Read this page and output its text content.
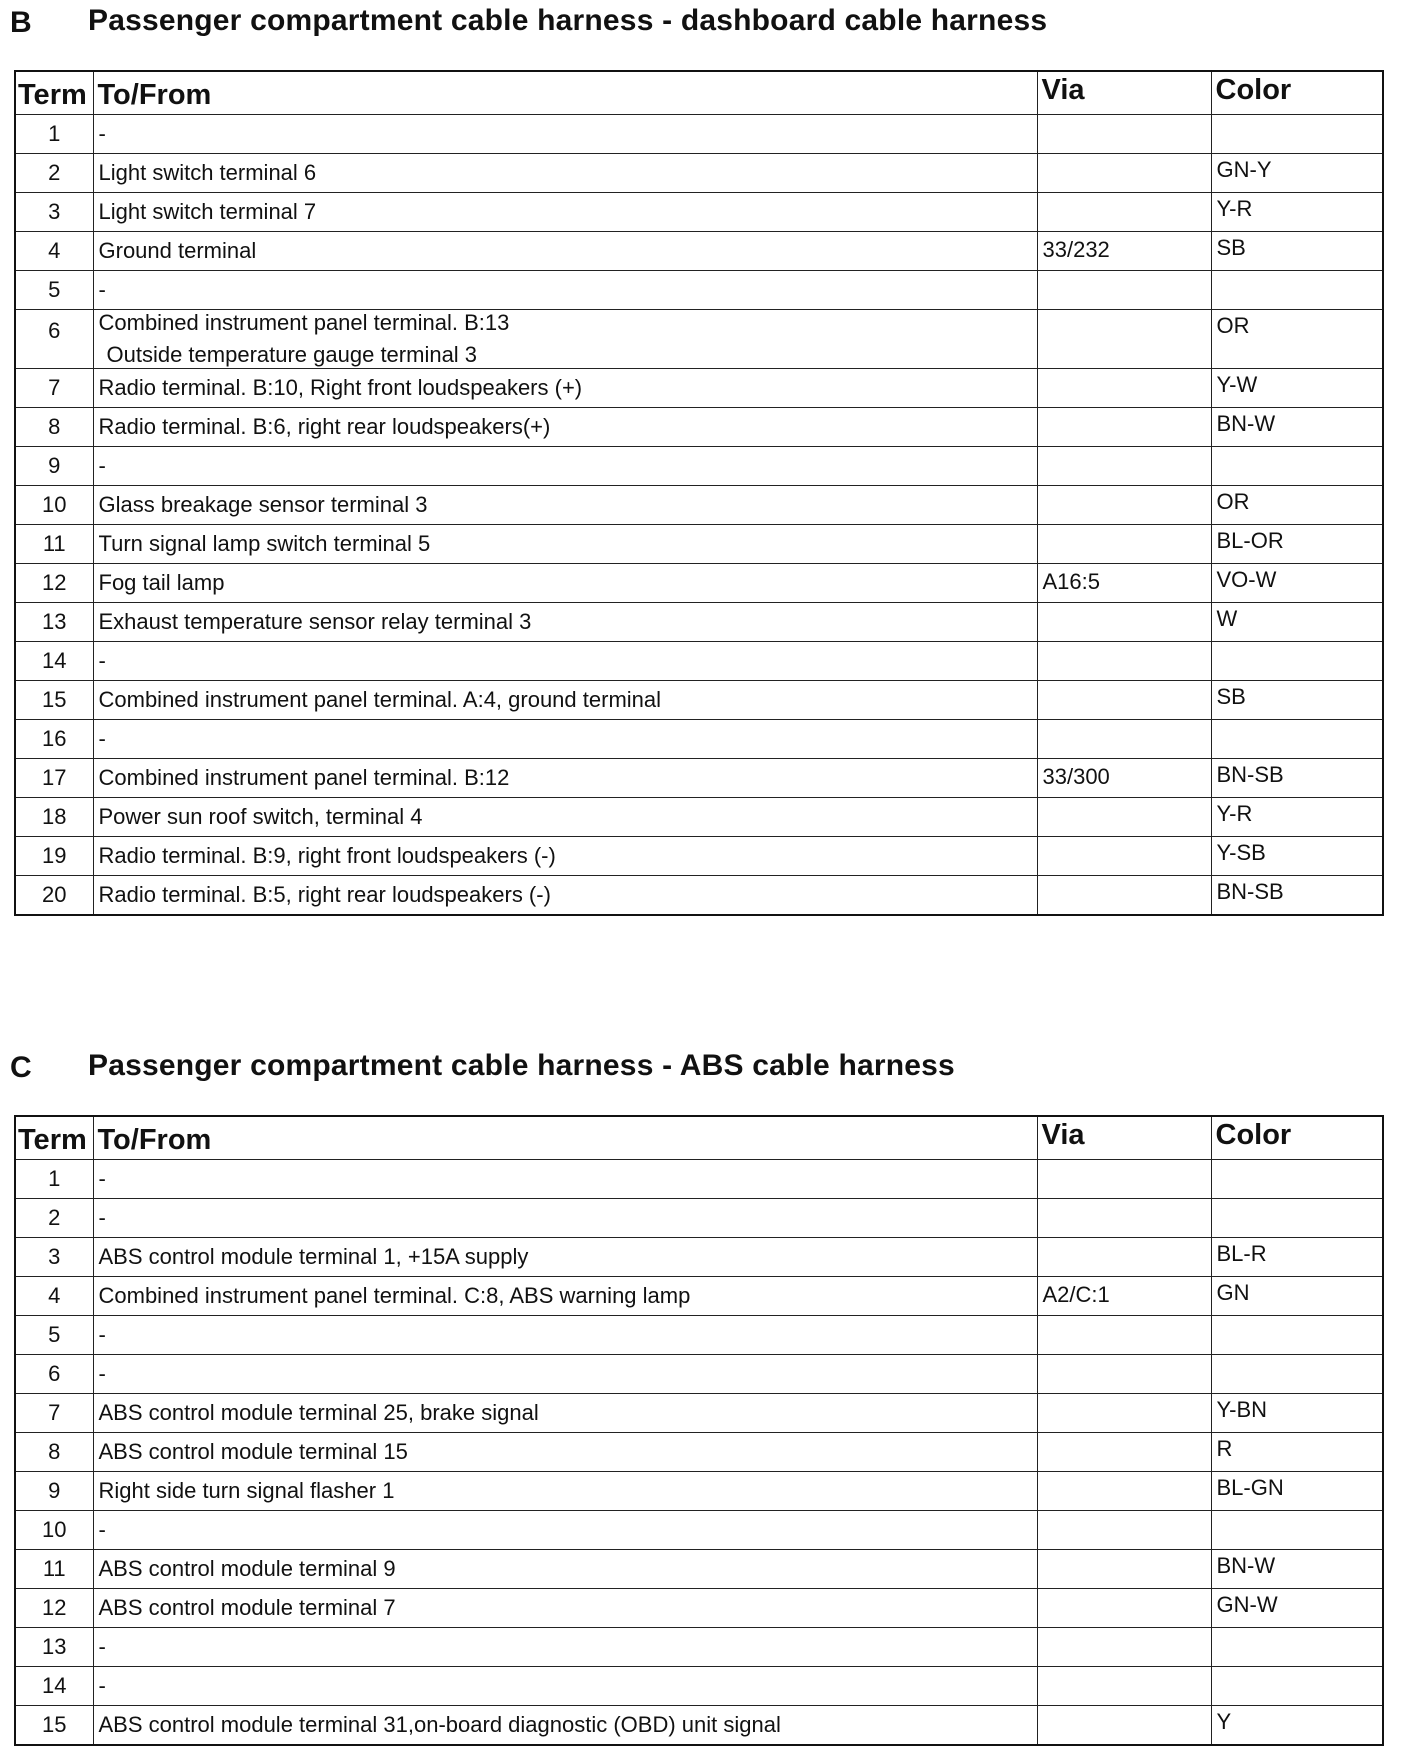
B Passenger compartment cable harness - dashboard cable harness
Term	To/From	Via	Color
1	-		
2	Light switch terminal 6		GN-Y
3	Light switch terminal 7		Y-R
4	Ground terminal	33/232	SB
5	-		
6	Combined instrument panel terminal. B:13
Outside temperature gauge terminal 3		OR
7	Radio terminal. B:10, Right front loudspeakers (+)		Y-W
8	Radio terminal. B:6, right rear loudspeakers(+)		BN-W
9	-		
10	Glass breakage sensor terminal 3		OR
11	Turn signal lamp switch terminal 5		BL-OR
12	Fog tail lamp	A16:5	VO-W
13	Exhaust temperature sensor relay terminal 3		W
14	-		
15	Combined instrument panel terminal. A:4, ground terminal		SB
16	-		
17	Combined instrument panel terminal. B:12	33/300	BN-SB
18	Power sun roof switch, terminal 4		Y-R
19	Radio terminal. B:9, right front loudspeakers (-)		Y-SB
20	Radio terminal. B:5, right rear loudspeakers (-)		BN-SB
C Passenger compartment cable harness - ABS cable harness
Term	To/From	Via	Color
1	-		
2	-		
3	ABS control module terminal 1, +15A supply		BL-R
4	Combined instrument panel terminal. C:8, ABS warning lamp	A2/C:1	GN
5	-		
6	-		
7	ABS control module terminal 25, brake signal		Y-BN
8	ABS control module terminal 15		R
9	Right side turn signal flasher 1		BL-GN
10	-		
11	ABS control module terminal 9		BN-W
12	ABS control module terminal 7		GN-W
13	-		
14	-		
15	ABS control module terminal 31,on-board diagnostic (OBD) unit signal		Y
